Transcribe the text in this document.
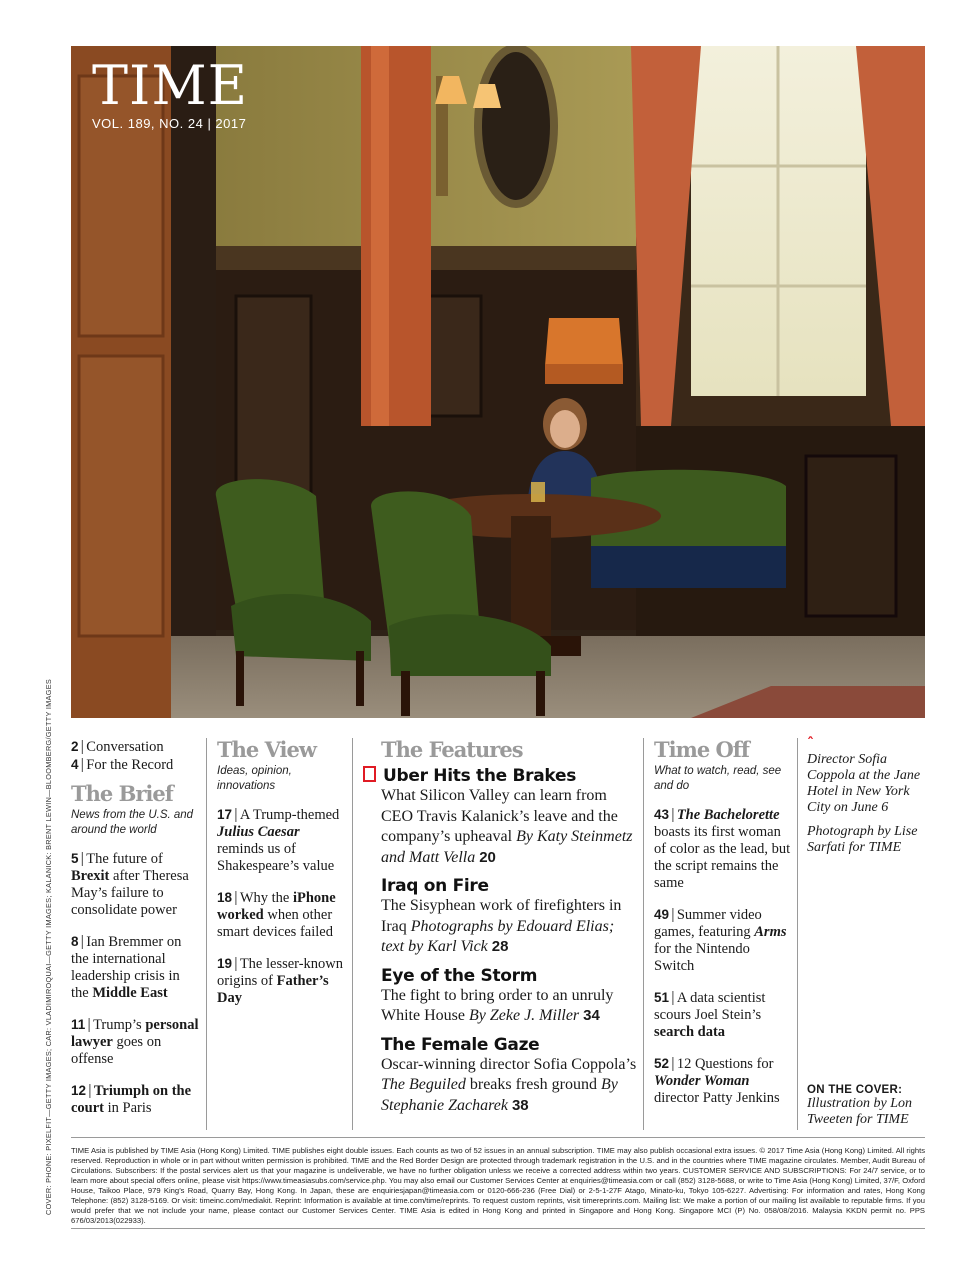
TIME
VOL. 189, NO. 24 | 2017
COVER: PHONE: PIXELFIT—GETTY IMAGES; CAR: VLADIMIROQUAI—GETTY IMAGES; KALANICK: BRENT LEWIN—BLOOMBERG/GETTY IMAGES 2 | Conversation
4 | For the Record
The Brief
News from the U.S. and around the world
5 | The future of Brexit after Theresa May’s failure to consolidate power
8 | Ian Bremmer on the international leadership crisis in the Middle East
11 | Trump’s personal lawyer goes on offense
12 | Triumph on the court in Paris
The View
Ideas, opinion, innovations
17 | A Trump-themed Julius Caesar reminds us of Shakespeare’s value
18 | Why the iPhone worked when other smart devices failed
19 | The lesser-known origins of Father’s Day
The Features
Uber Hits the Brakes
What Silicon Valley can learn from CEO Travis Kalanick’s leave and the company’s upheaval By Katy Steinmetz and Matt Vella 20
Iraq on Fire
The Sisyphean work of firefighters in Iraq Photographs by Edouard Elias; text by Karl Vick 28
Eye of the Storm
The fight to bring order to an unruly White House By Zeke J. Miller 34
The Female Gaze
Oscar-winning director Sofia Coppola’s The Beguiled breaks fresh ground By Stephanie Zacharek 38
Time Off
What to watch, read, see and do
43 | The Bachelorette boasts its first woman of color as the lead, but the script remains the same
49 | Summer video games, featuring Arms for the Nintendo Switch
51 | A data scientist scours Joel Stein’s search data
52 | 12 Questions for Wonder Woman director Patty Jenkins
ˆ
Director Sofia Coppola at the Jane Hotel in New York City on June 6
Photograph by Lise Sarfati for TIME
ON THE COVER:
Illustration by Lon Tweeten for TIME
TIME Asia is published by TIME Asia (Hong Kong) Limited. TIME publishes eight double issues. Each counts as two of 52 issues in an annual subscription. TIME may also publish occasional extra issues. © 2017 Time Asia (Hong Kong) Limited. All rights reserved. Reproduction in whole or in part without written permission is prohibited. TIME and the Red Border Design are protected through trademark registration in the U.S. and in the countries where TIME magazine circulates. Member, Audit Bureau of Circulations. Subscribers: If the postal services alert us that your magazine is undeliverable, we have no further obligation unless we receive a corrected address within two years. CUSTOMER SERVICE AND SUBSCRIPTIONS: For 24/7 service, or to learn more about special offers online, please visit https://www.timeasiasubs.com/service.php. You may also email our Customer Services Center at enquiries@timeasia.com or call (852) 3128-5688, or write to Time Asia (Hong Kong) Limited, 37/F, Oxford House, Taikoo Place, 979 King’s Road, Quarry Bay, Hong Kong. In Japan, these are enquiriesjapan@timeasia.com or 0120-666-236 (Free Dial) or 2-5-1-27F Atago, Minato-ku, Tokyo 105-6227. Advertising: For information and rates, Hong Kong Telephone: (852) 3128-5169. Or visit: timeinc.com/mediakit. Reprint: Information is available at time.com/time/reprints. To request custom reprints, visit timereprints.com. Mailing list: We make a portion of our mailing list available to reputable firms. If you would prefer that we not include your name, please contact our Customer Services Center. TIME Asia is edited in Hong Kong and printed in Singapore and Hong Kong. Singapore MCI (P) No. 058/08/2016. Malaysia KKDN permit no. PPS 676/03/2013(022933).
